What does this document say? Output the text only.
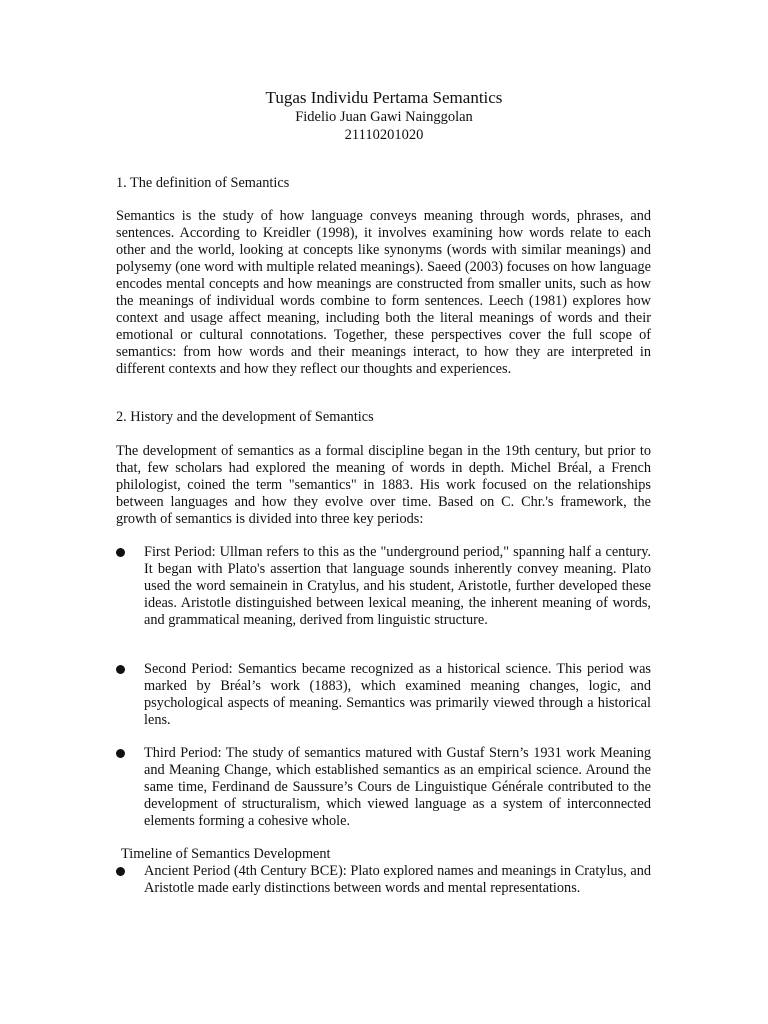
Tugas Individu Pertama Semantics

Fidelio Juan Gawi Nainggolan

21110201020

1. The definition of Semantics

Semantics is the study of how language conveys meaning through words, phrases, and sentences. According to Kreidler (1998), it involves examining how words relate to each other and the world, looking at concepts like synonyms (words with similar meanings) and polysemy (one word with multiple related meanings). Saeed (2003) focuses on how language encodes mental concepts and how meanings are constructed from smaller units, such as how the meanings of individual words combine to form sentences. Leech (1981) explores how context and usage affect meaning, including both the literal meanings of words and their emotional or cultural connotations. Together, these perspectives cover the full scope of semantics: from how words and their meanings interact, to how they are interpreted in different contexts and how they reflect our thoughts and experiences.

2. History and the development of Semantics

The development of semantics as a formal discipline began in the 19th century, but prior to that, few scholars had explored the meaning of words in depth. Michel Bréal, a French philologist, coined the term "semantics" in 1883. His work focused on the relationships between languages and how they evolve over time. Based on C. Chr.'s framework, the growth of semantics is divided into three key periods:

First Period: Ullman refers to this as the "underground period," spanning half a century. It began with Plato's assertion that language sounds inherently convey meaning. Plato used the word semainein in Cratylus, and his student, Aristotle, further developed these ideas. Aristotle distinguished between lexical meaning, the inherent meaning of words, and grammatical meaning, derived from linguistic structure.
Second Period: Semantics became recognized as a historical science. This period was marked by Bréal’s work (1883), which examined meaning changes, logic, and psychological aspects of meaning. Semantics was primarily viewed through a historical lens.
Third Period: The study of semantics matured with Gustaf Stern’s 1931 work Meaning and Meaning Change, which established semantics as an empirical science. Around the same time, Ferdinand de Saussure’s Cours de Linguistique Générale contributed to the development of structuralism, which viewed language as a system of interconnected elements forming a cohesive whole.

Timeline of Semantics Development

Ancient Period (4th Century BCE): Plato explored names and meanings in Cratylus, and Aristotle made early distinctions between words and mental representations.
